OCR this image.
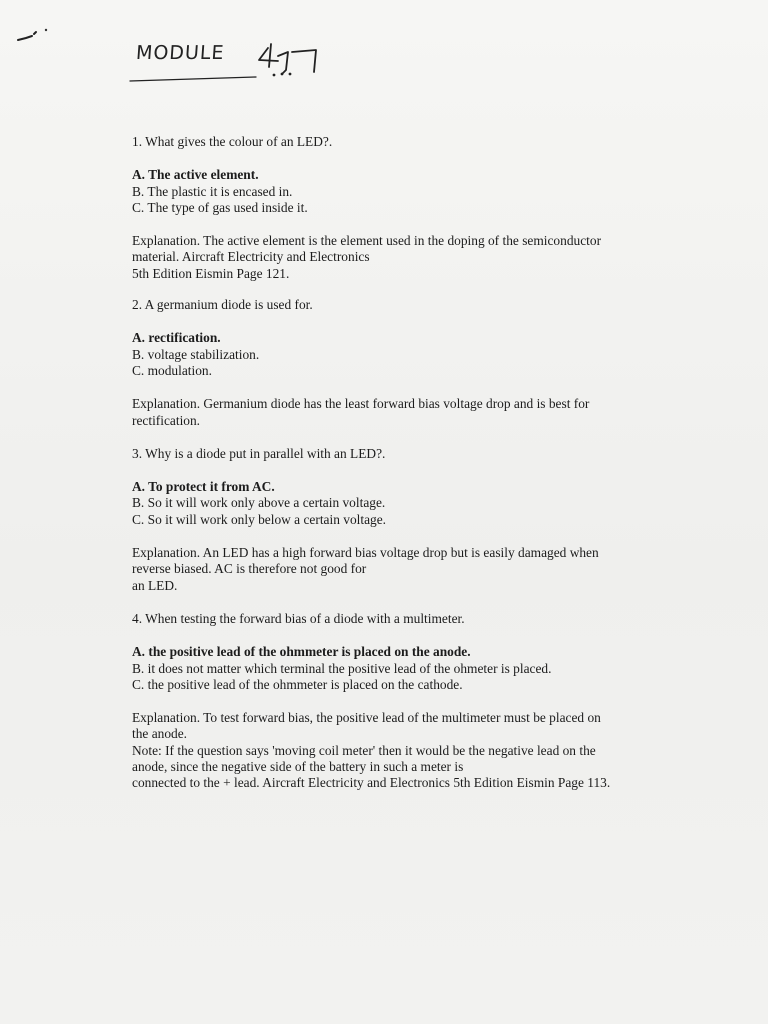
MODULE

1. What gives the colour of an LED?.

A. The active element.

B. The plastic it is encased in.

C. The type of gas used inside it.

Explanation. The active element is the element used in the doping of the semiconductor

material. Aircraft Electricity and Electronics

5th Edition Eismin Page 121.

2. A germanium diode is used for.

A. rectification.

B. voltage stabilization.

C. modulation.

Explanation. Germanium diode has the least forward bias voltage drop and is best for

rectification.

3. Why is a diode put in parallel with an LED?.

A. To protect it from AC.

B. So it will work only above a certain voltage.

C. So it will work only below a certain voltage.

Explanation. An LED has a high forward bias voltage drop but is easily damaged when

reverse biased. AC is therefore not good for

an LED.

4. When testing the forward bias of a diode with a multimeter.

A. the positive lead of the ohmmeter is placed on the anode.

B. it does not matter which terminal the positive lead of the ohmeter is placed.

C. the positive lead of the ohmmeter is placed on the cathode.

Explanation. To test forward bias, the positive lead of the multimeter must be placed on

the anode.

Note: If the question says 'moving coil meter' then it would be the negative lead on the

anode, since the negative side of the battery in such a meter is

connected to the + lead. Aircraft Electricity and Electronics 5th Edition Eismin Page 113.
